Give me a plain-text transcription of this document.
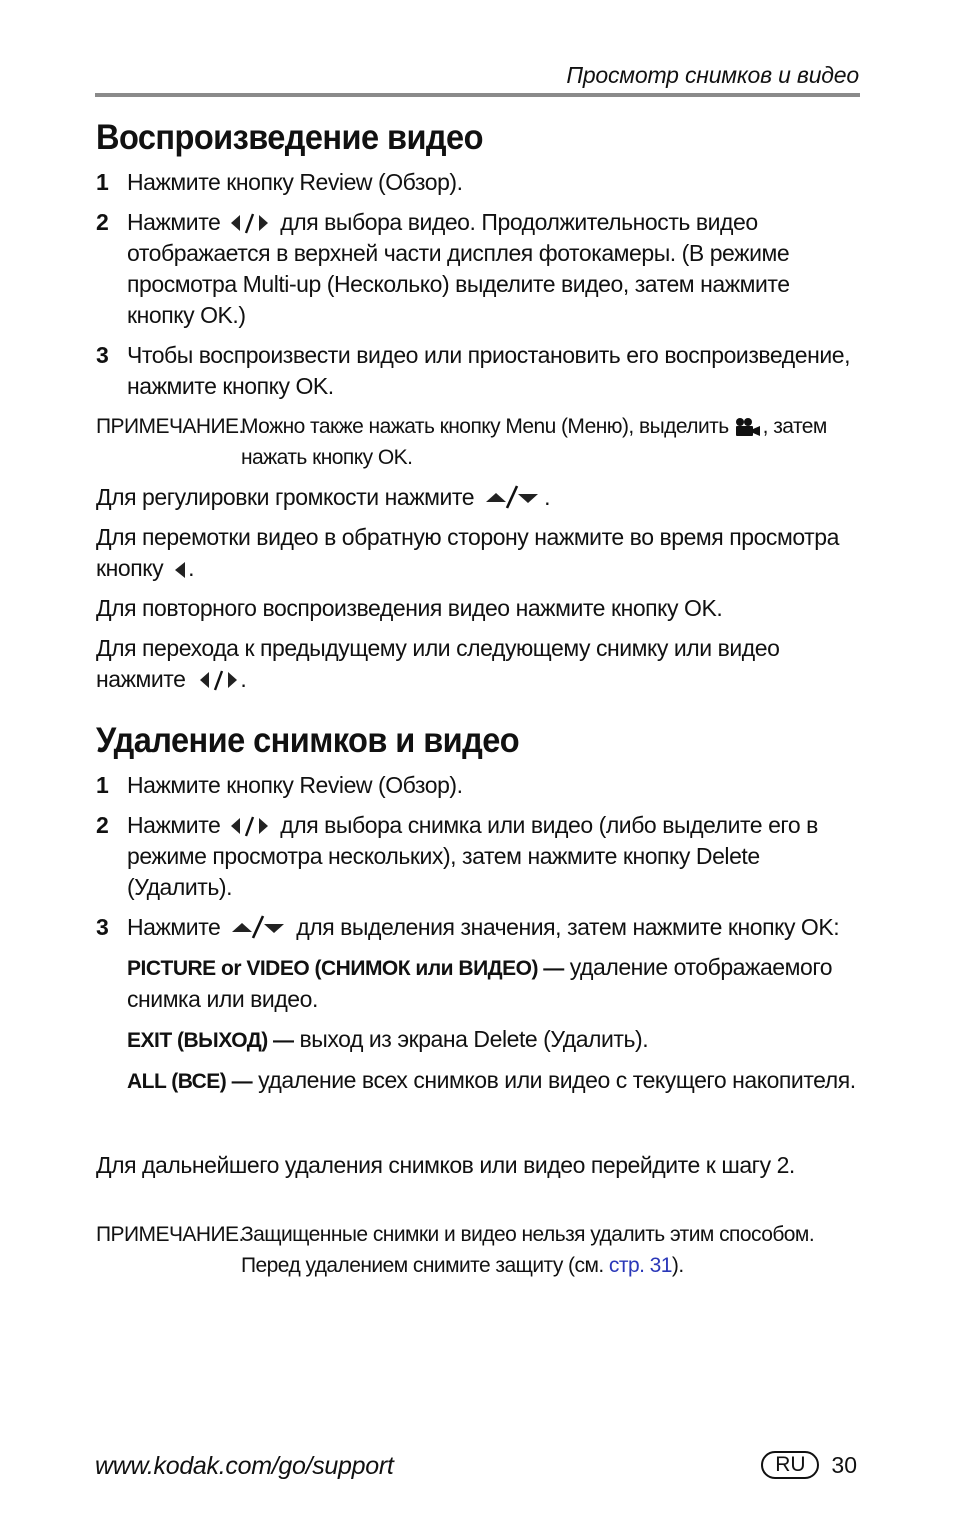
Просмотр снимков и видео

Воспроизведение видео
1 Нажмите кнопку Review (Обзор).
2 Нажмите	для выбора видео. Продолжительность видео отображается в верхней части дисплея фотокамеры. (В режиме просмотра Multi-up (Несколько) выделите видео, затем нажмите кнопку OK.)
3 Чтобы воспроизвести видео или приостановить его воспроизведение, нажмите кнопку OK.
ПРИМЕЧАНИЕ.
Можно также нажать кнопку Menu (Меню), выделить , затем нажать кнопку OK.

Для регулировки громкости нажмите	.

Для перемотки видео в обратную сторону нажмите во время просмотра кнопку .

Для повторного воспроизведения видео нажмите кнопку OK.

Для перехода к предыдущему или следующему снимку или видео нажмите .

Удаление снимков и видео
1 Нажмите кнопку Review (Обзор).
2 Нажмите	для выбора снимка или видео (либо выделите его в режиме просмотра нескольких), затем нажмите кнопку Delete (Удалить).
3 Нажмите	для выделения значения, затем нажмите кнопку OK:

PICTURE or VIDEO (СНИМОК или ВИДЕО) — удаление отображаемого снимка или видео.

EXIT (ВЫХОД) — выход из экрана Delete (Удалить).

ALL (ВСЕ) — удаление всех снимков или видео с текущего накопителя.

Для дальнейшего удаления снимков или видео перейдите к шагу 2.

ПРИМЕЧАНИЕ.
Защищенные снимки и видео нельзя удалить этим способом. Перед удалением снимите защиту (см. стр. 31).

www.kodak.com/go/support	RU	30
